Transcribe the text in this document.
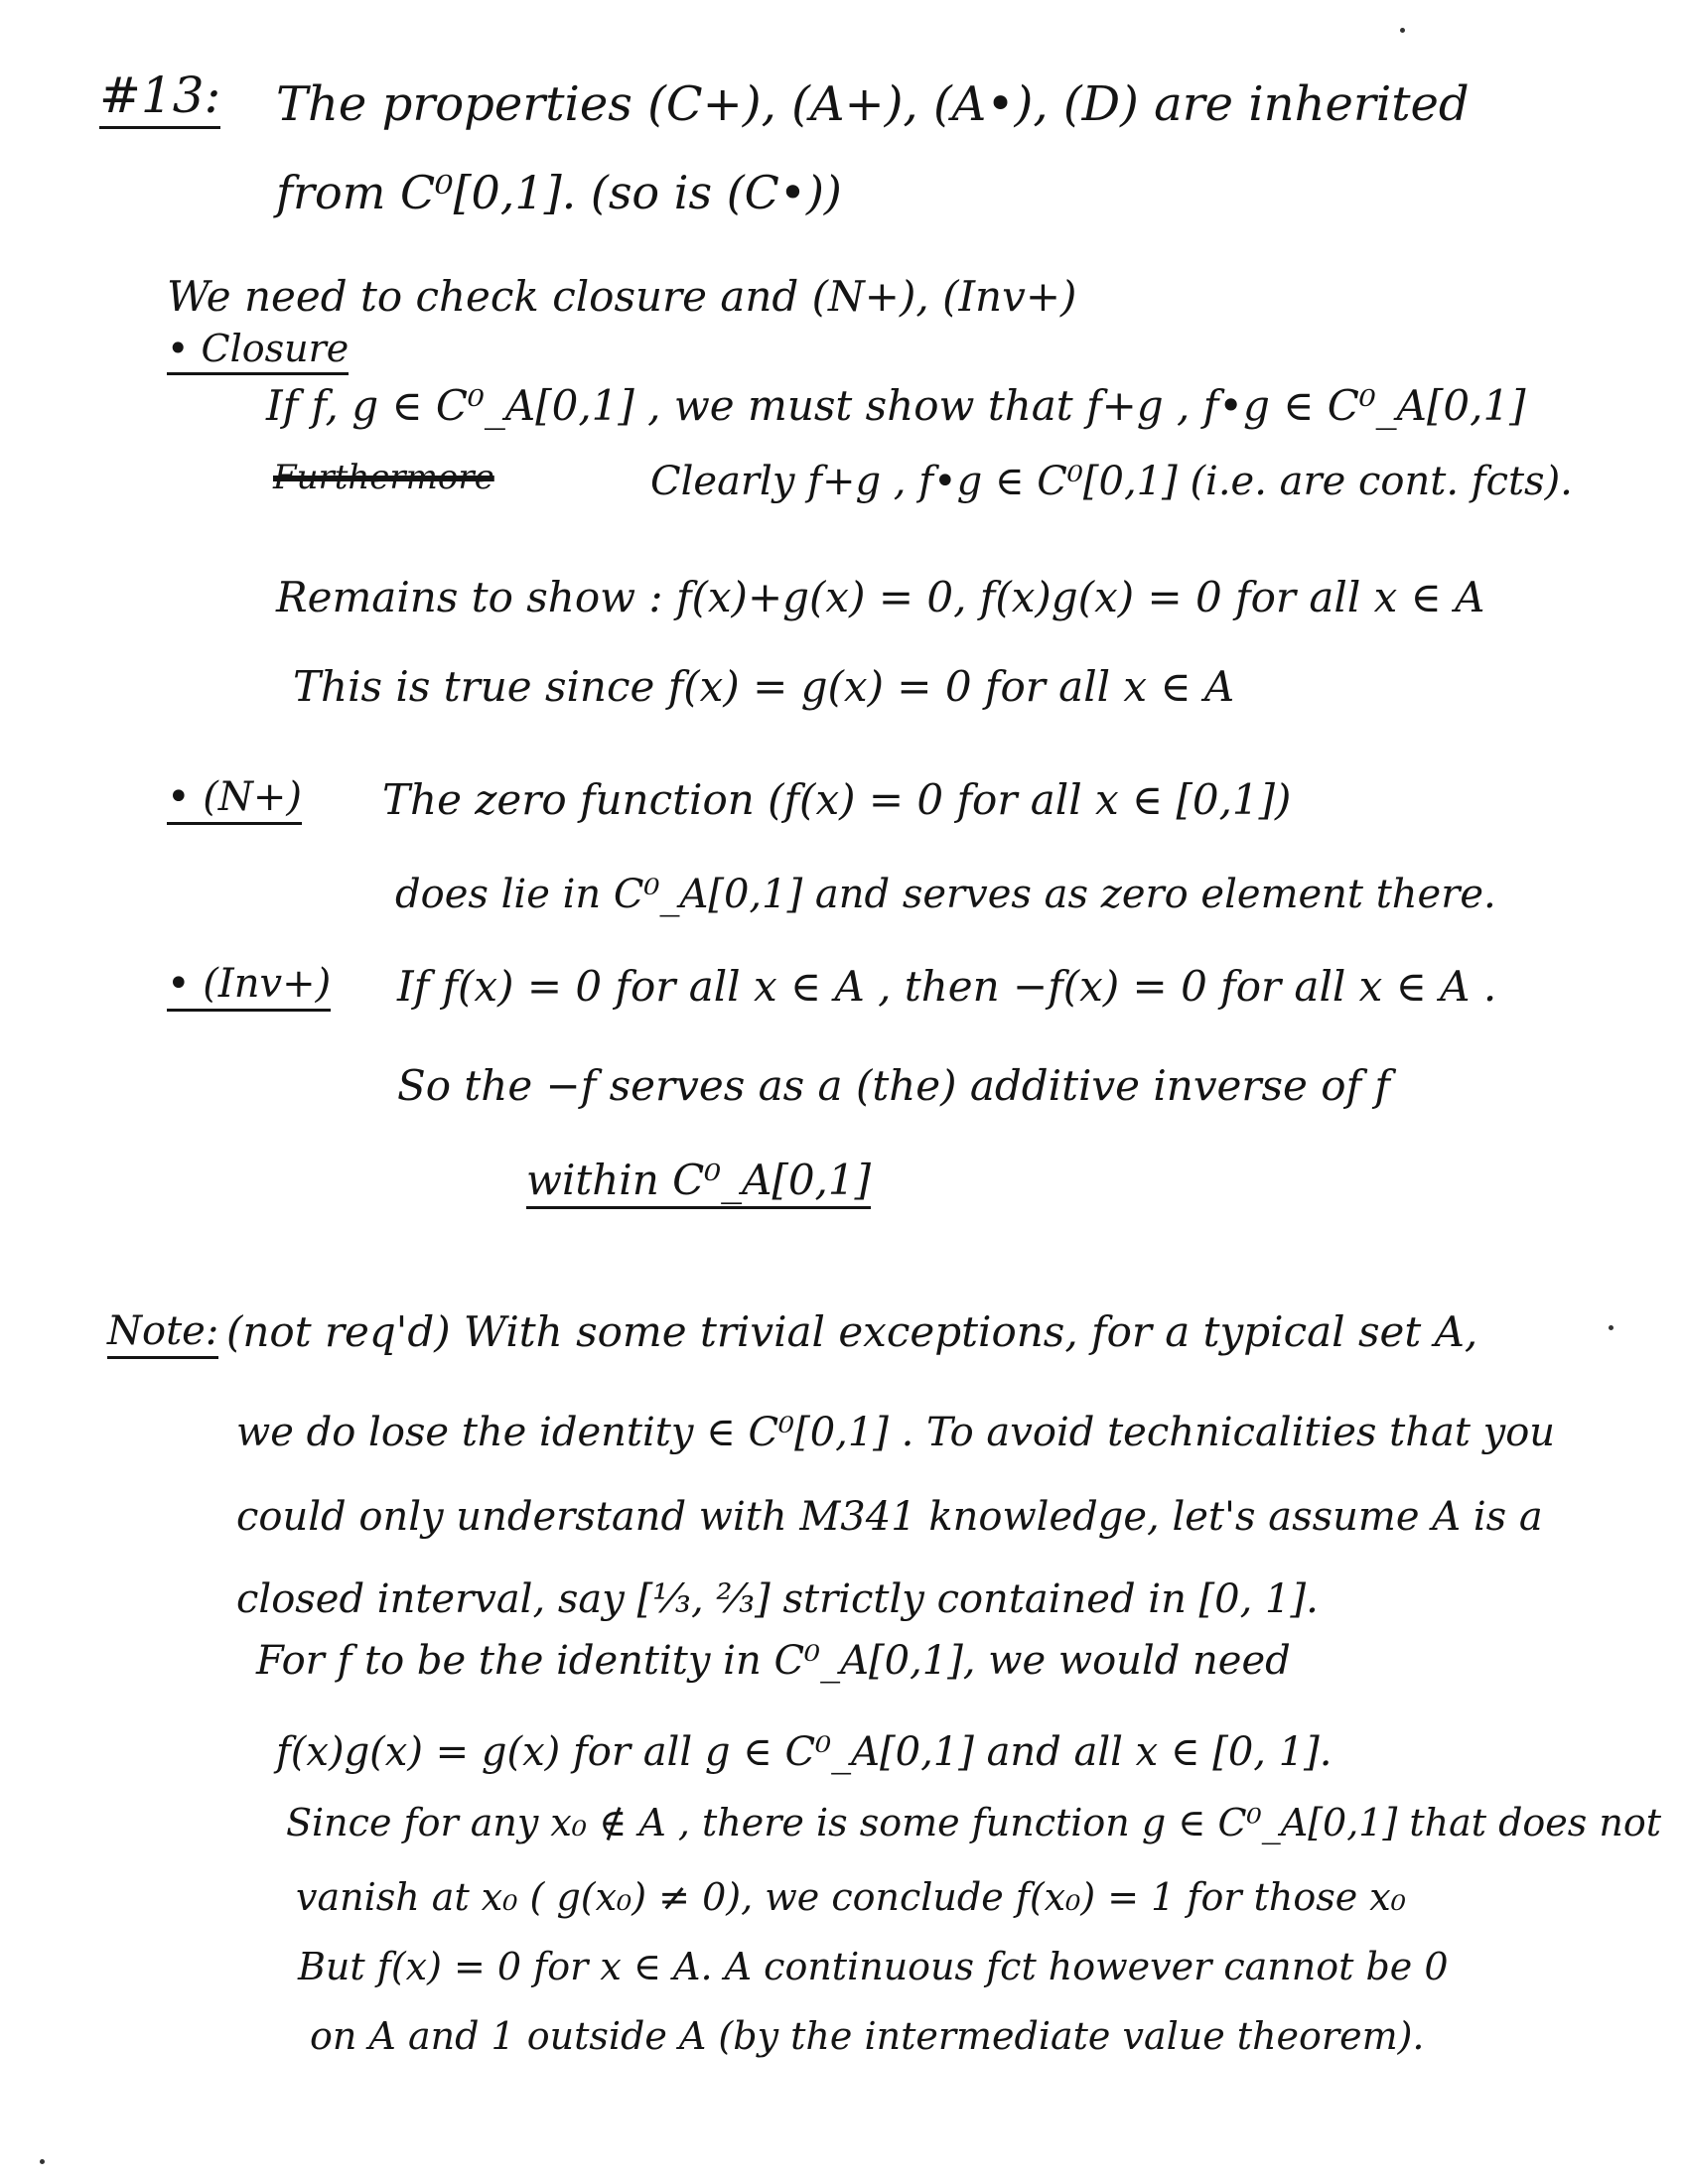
#13: The properties (C+), (A+), (A•), (D) are inherited
from C⁰[0,1]. (so is (C•))
We need to check closure and (N+), (Inv+)
• Closure
If f, g ∈ C⁰_A[0,1] , we must show that f+g , f•g ∈ C⁰_A[0,1]
Furthermore	Clearly f+g , f•g ∈ C⁰[0,1] (i.e. are cont. fcts).
Remains to show : f(x)+g(x) = 0, f(x)g(x) = 0 for all x ∈ A
This is true since f(x) = g(x) = 0 for all x ∈ A
• (N+) The zero function (f(x) = 0 for all x ∈ [0,1])
does lie in C⁰_A[0,1] and serves as zero element there.
• (Inv+) If f(x) = 0 for all x ∈ A , then −f(x) = 0 for all x ∈ A .
So the −f serves as a (the) additive inverse of f
within C⁰_A[0,1]
Note: (not req'd) With some trivial exceptions, for a typical set A,
we do lose the identity ∈ C⁰[0,1] . To avoid technicalities that you
could only understand with M341 knowledge, let's assume A is a
closed interval, say [⅓, ⅔] strictly contained in [0, 1].
For f to be the identity in C⁰_A[0,1], we would need
f(x)g(x) = g(x) for all g ∈ C⁰_A[0,1] and all x ∈ [0, 1].
Since for any x₀ ∉ A , there is some function g ∈ C⁰_A[0,1] that does not
vanish at x₀ ( g(x₀) ≠ 0), we conclude f(x₀) = 1 for those x₀
But f(x) = 0 for x ∈ A. A continuous fct however cannot be 0
on A and 1 outside A (by the intermediate value theorem).
